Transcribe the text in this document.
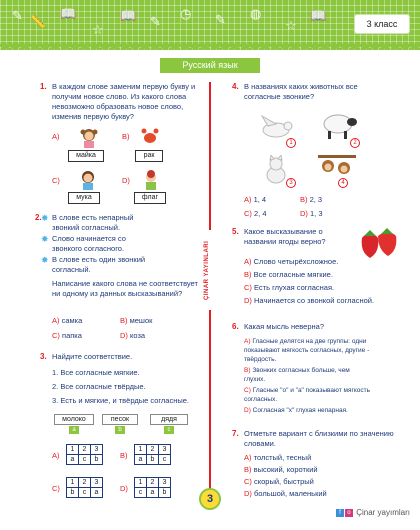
✎ 📏
📖
☆
📖 ✎
◷ ✎ ◍
☆
📖
3 класс
Русский язык
ÇİNAR YAYINLARI
1. В каждом слове заменим первую букву и получим новое слово. Из какого слова невозможно образовать новое слово, изменив первую букву?
A)
майка
B)
рак
C)
мука
D)
флаг
2. ✸ В слове есть непарный звонкий согласный.
✸ Слово начинается со звонкого согласного.
✸ В слове есть один звонкий согласный.
Написание какого слова не соответствует ни одному из данных высказываний?
A) самка	B) мешок
C) папка	D) коза
3. Найдите соответствие.
1. Все согласные мягкие.
2. Все согласные твёрдые.
3. Есть и мягкие, и твёрдые согласные.
молоко
a
песок
b
дядя
c
A)
1	2	3
a	c	b	B)
1	2	3
a	b	c
C)
1	2	3
b	c	a	D)
1	2	3
c	a	b
4. В названиях каких животных все согласные звонкие?
1	2
3	4
A) 1, 4	B) 2, 3
C) 2, 4	D) 1, 3
5. Какое высказывание о названии ягоды верно?
A) Слово четырёхсложное.
B) Все согласные мягкие.
C) Есть глухая согласная.
D) Начинается со звонкой согласной.
6. Какая мысль неверна?
A) Гласные делятся на две группы: одни показывают мягкость согласных, другие - твёрдость.
B) Звонких согласных больше, чем глухих.
C) Гласные "о" и "а" показывают мягкость согласных.
D) Согласная "х" глухая непарная.
7. Отметьте вариант с близкими по значению словами.
A) толстый, тесный
B) высокий, короткий
C) скорый, быстрый
D) большой, маленький
3
f o Çinar yayımları
